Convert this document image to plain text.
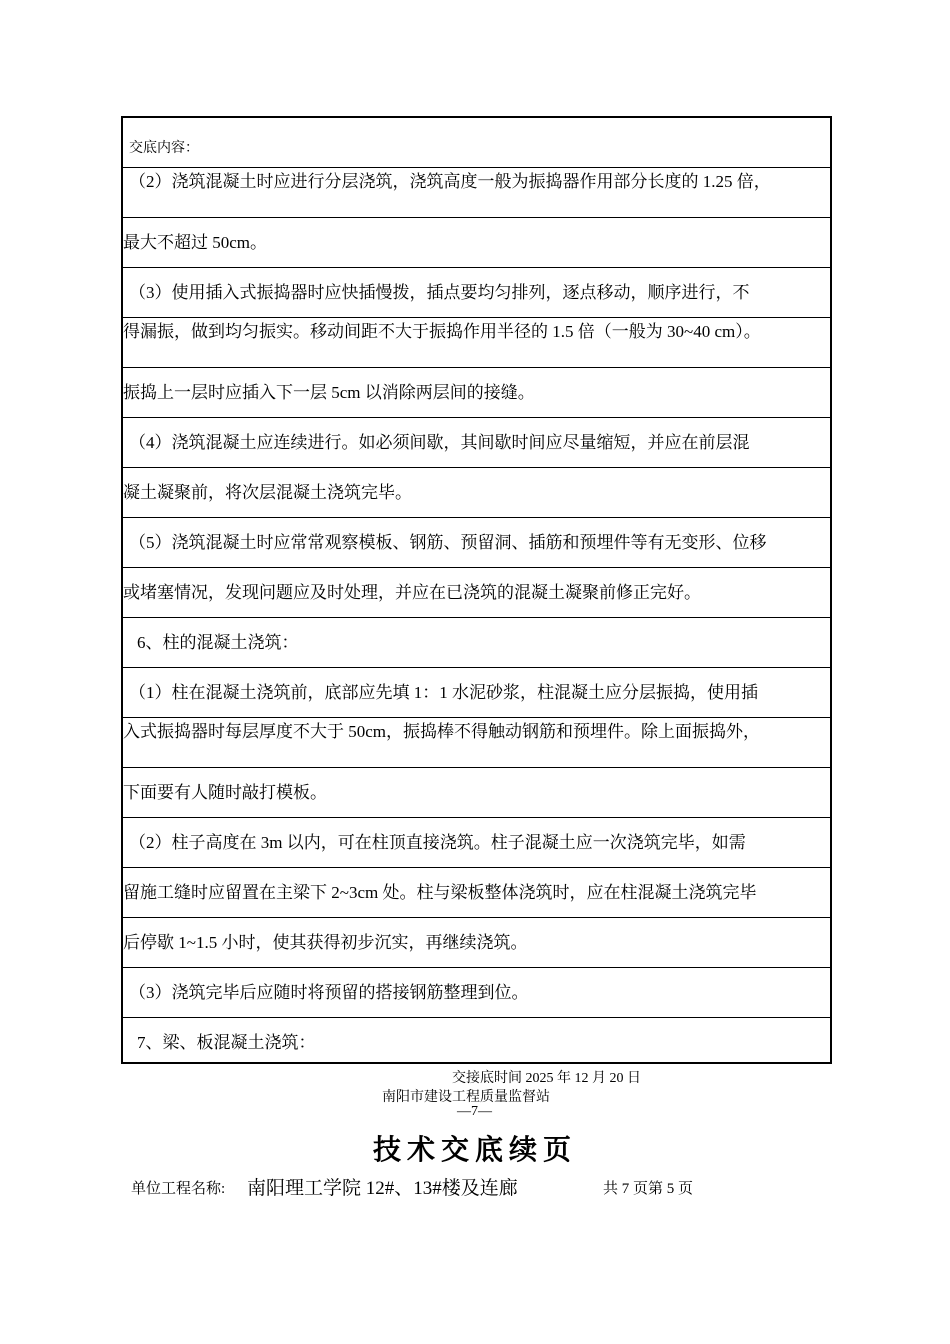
交底内容：
（2）浇筑混凝土时应进行分层浇筑，浇筑高度一般为振捣器作用部分长度的 1.25 倍，
最大不超过 50cm。
（3）使用插入式振捣器时应快插慢拨，插点要均匀排列，逐点移动，顺序进行，不
得漏振，做到均匀振实。移动间距不大于振捣作用半径的 1.5 倍（一般为 30~40 cm）。
振捣上一层时应插入下一层 5cm 以消除两层间的接缝。
（4）浇筑混凝土应连续进行。如必须间歇，其间歇时间应尽量缩短，并应在前层混
凝土凝聚前，将次层混凝土浇筑完毕。
（5）浇筑混凝土时应常常观察模板、钢筋、预留洞、插筋和预埋件等有无变形、位移
或堵塞情况，发现问题应及时处理，并应在已浇筑的混凝土凝聚前修正完好。
6、柱的混凝土浇筑：
（1）柱在混凝土浇筑前，底部应先填 1：1 水泥砂浆，柱混凝土应分层振捣，使用插
入式振捣器时每层厚度不大于 50cm，振捣棒不得触动钢筋和预埋件。除上面振捣外，
下面要有人随时敲打模板。
（2）柱子高度在 3m 以内，可在柱顶直接浇筑。柱子混凝土应一次浇筑完毕，如需
留施工缝时应留置在主梁下 2~3cm 处。柱与梁板整体浇筑时，应在柱混凝土浇筑完毕
后停歇 1~1.5 小时，使其获得初步沉实，再继续浇筑。
（3）浇筑完毕后应随时将预留的搭接钢筋整理到位。
7、梁、板混凝土浇筑：
交接底时间 2025 年 12 月 20 日
南阳市建设工程质量监督站
—7—
技术交底续页
单位工程名称: 南阳理工学院 12#、13#楼及连廊	共 7 页第 5 页
